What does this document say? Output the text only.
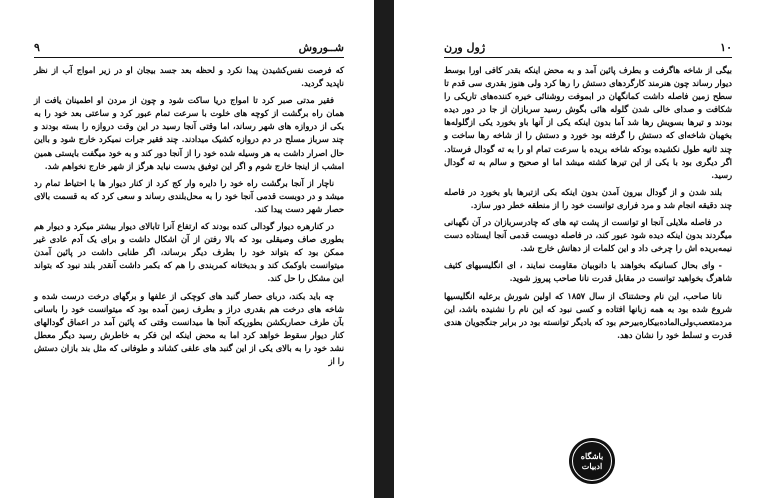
۹	شــوروش

که فرصت نفس‌کشیدن پیدا نکرد و لحظه بعد جسد بیجان او در زیر امواج آب از نظر ناپدید گردید.

فقیر مدتی صبر کرد تا امواج دریا ساکت شود و چون از مردن او اطمینان یافت از همان راه برگشت از کوچه های خلوت با سرعت تمام عبور کرد و ساعتی بعد خود را به یکی از دروازه های شهر رساند، اما وقتی آنجا رسید در این وقت دروازه را بسته بودند و چند سرباز مسلح در دم دروازه کشیک میدادند. چند فقیر جرات نمیکرد خارج شود و بااین حال اصرار داشت به هر وسیله شده خود را از آنجا دور کند و به خود میگفت بایستی همین امشب از اینجا خارج شوم و اگر این توفیق بدست نیاید هرگز از شهر خارج نخواهم شد.

ناچار از آنجا برگشت راه خود را دایره وار کج کرد از کنار دیوار ها با احتیاط تمام رد میشد و در دوبست قدمی آنجا خود را به محل‌بلندی رساند و سعی کرد که به قسمت بالای حصار شهر دست پیدا کند.

در کنارهره دیوار گودالی کنده بودند که ارتفاع آنرا تابالای دیوار بیشتر میکرد و دیوار هم بطوری صاف وصیقلی بود که بالا رفتن از آن اشکال داشت و برای یک آدم عادی غیر ممکن بود که بتواند خود را بطرف دیگر برساند، اگر طنابی داشت در پائین آمدن میتوانست باوکمک کند و بدبختانه کمربندی را هم که بکمر داشت آنقدر بلند نبود که بتواند این مشکل را حل کند.

چه باید بکند، دربای حصار گنبد های کوچکی از علفها و برگهای درخت درست شده و شاخه های درخت هم بقدری دراز و بطرف زمین آمده بود که میتوانست خود را باسانی بآن طرف حصاربکشن بطوریکه آنجا ها میدانست وقتی که پائین آمد در اعماق گودالهای کنار دیوار سقوط خواهد کرد اما به محض اینکه این فکر به خاطرش رسید دیگر معطل نشد خود را به بالای یکی از این گنبد های علفی کشاند و طوفانی که مثل بند بازان دستش را از

ژول ورن	۱۰

بیگی از شاخه هاگرفت و بطرف پائین آمد و به محض اینکه بقدر کافی اورا بوسط دیوار رساند چون هنرمند کارگردهای دستش را رها کرد ولی هنوز بقدری سی قدم تا سطح زمین فاصله داشت کمانگهان در ابموفت روشنائی خیره کننده‌های تاریکی را شکافت و صدای خالی شدن گلوله هائی بگوش رسید سربازان از جا در دور دیده بودند و تیرها بسویش رها شد آما بدون اینکه یکی از آنها باو بخورد یکی ازگلوله‌ها بخهبان شاخه‌ای که دستش را گرفته بود خورد و دستش را از شاخه رها ساخت و چند ثانیه طول نکشیده بودکه شاخه بریده با سرعت تمام او را به ته گودال فرستاد. اگر دیگری بود با یکی از این تیرها کشته میشد اما او صحیح و سالم به ته گودال رسید.

بلند شدن و از گودال بیرون آمدن بدون اینکه بکی ازتبرها باو بخورد در فاصله چند دقیقه انجام شد و مرد فراری توانست خود را از منطقه خطر دور سازد.

در فاصله ملایلی آنجا او توانست از پشت تپه های که چادرسربازان در آن نگهبانی میگردند بدون اینکه دیده شود عبور کند، در فاصله دوبست قدمی آنجا ایستاده دست نیمه‌بریده اش را چرخی داد و این کلمات از دهانش خارج شد.

- وای بحال کسانیکه بخواهند با دانوبیان مقاومت نمایند ، ای انگلیسیهای کثیف‌ شاهرگ بخواهید توانست در مقابل قدرت نانا صاحب پیروز شوید.

نانا صاحب، این نام وحشتناک از سال ۱۸۵۷ که اولین شورش برعلیه انگلیسیها شروع شده بود به همه زبانها افتاده و کسی نبود که این نام را نشنیده باشد، این مردمتعصب‌ولی‌الماده‌بیکاره‌بیرحم بود که بادیگر توانسته بود در برابر جنگجویان هندی قدرت و تسلط خود را نشان دهد.

باشگاه
ادبیات
